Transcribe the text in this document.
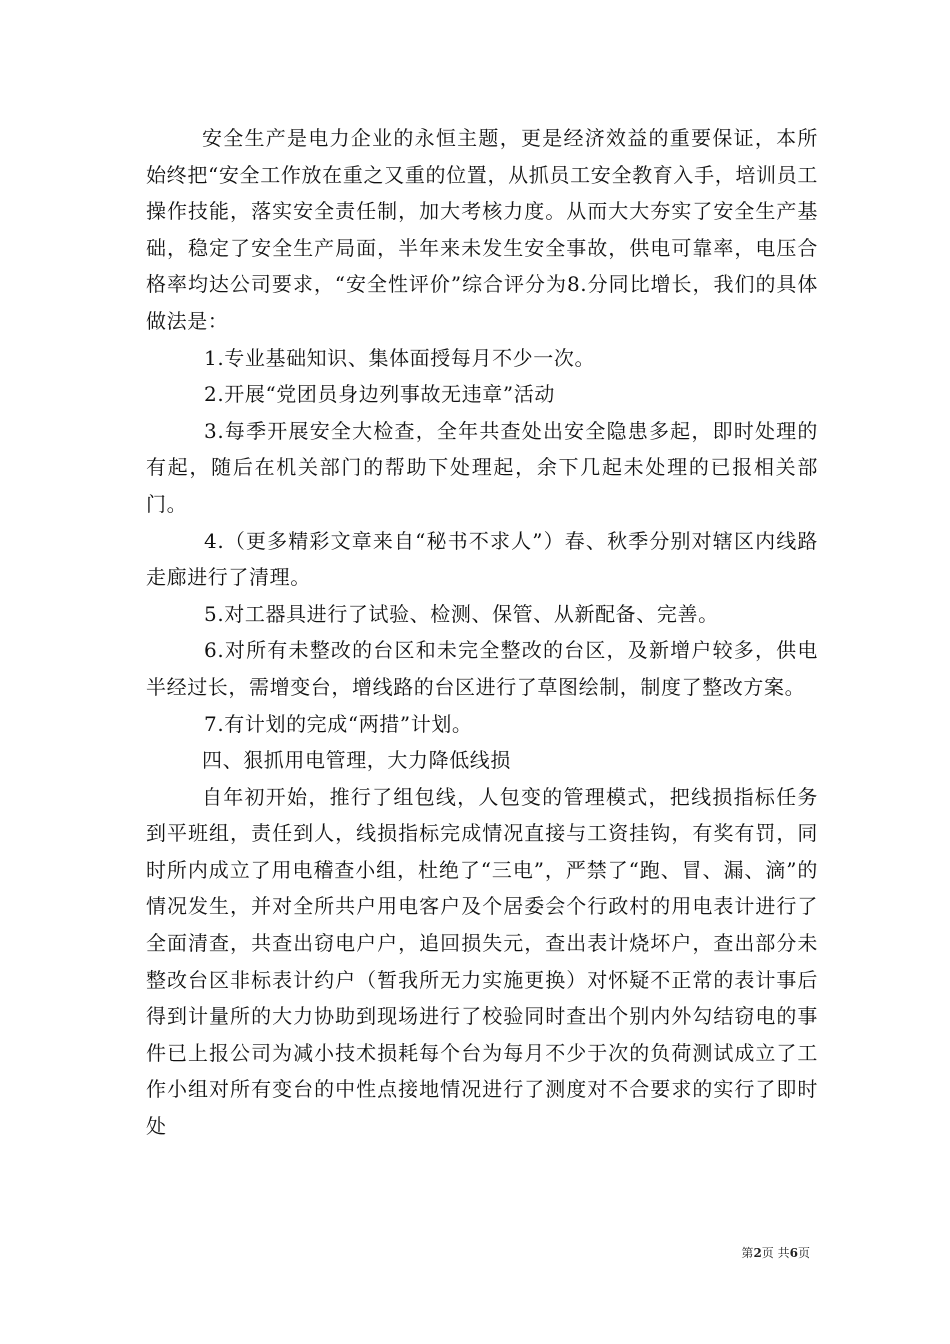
安全生产是电力企业的永恒主题，更是经济效益的重要保证，本所始终把“安全工作放在重之又重的位置，从抓员工安全教育入手，培训员工操作技能，落实安全责任制，加大考核力度。从而大大夯实了安全生产基础，稳定了安全生产局面，半年来未发生安全事故，供电可靠率，电压合格率均达公司要求，“安全性评价”综合评分为8.分同比增长，我们的具体做法是：

1.专业基础知识、集体面授每月不少一次。

2.开展“党团员身边列事故无违章”活动

3.每季开展安全大检查，全年共查处出安全隐患多起，即时处理的有起，随后在机关部门的帮助下处理起，余下几起未处理的已报相关部门。

4.（更多精彩文章来自“秘书不求人”）春、秋季分别对辖区内线路走廊进行了清理。

5.对工器具进行了试验、检测、保管、从新配备、完善。

6.对所有未整改的台区和未完全整改的台区，及新增户较多，供电半经过长，需增变台，增线路的台区进行了草图绘制，制度了整改方案。

7.有计划的完成“两措”计划。

四、狠抓用电管理，大力降低线损

自年初开始，推行了组包线，人包变的管理模式，把线损指标任务到平班组，责任到人，线损指标完成情况直接与工资挂钩，有奖有罚，同时所内成立了用电稽查小组，杜绝了“三电”，严禁了“跑、冒、漏、滴”的情况发生，并对全所共户用电客户及个居委会个行政村的用电表计进行了全面清查，共查出窃电户户，追回损失元，查出表计烧坏户，查出部分未整改台区非标表计约户（暂我所无力实施更换）对怀疑不正常的表计事后得到计量所的大力协助到现场进行了校验同时查出个别内外勾结窃电的事件已上报公司为减小技术损耗每个台为每月不少于次的负荷测试成立了工作小组对所有变台的中性点接地情况进行了测度对不合要求的实行了即时处

第2页 共6页
